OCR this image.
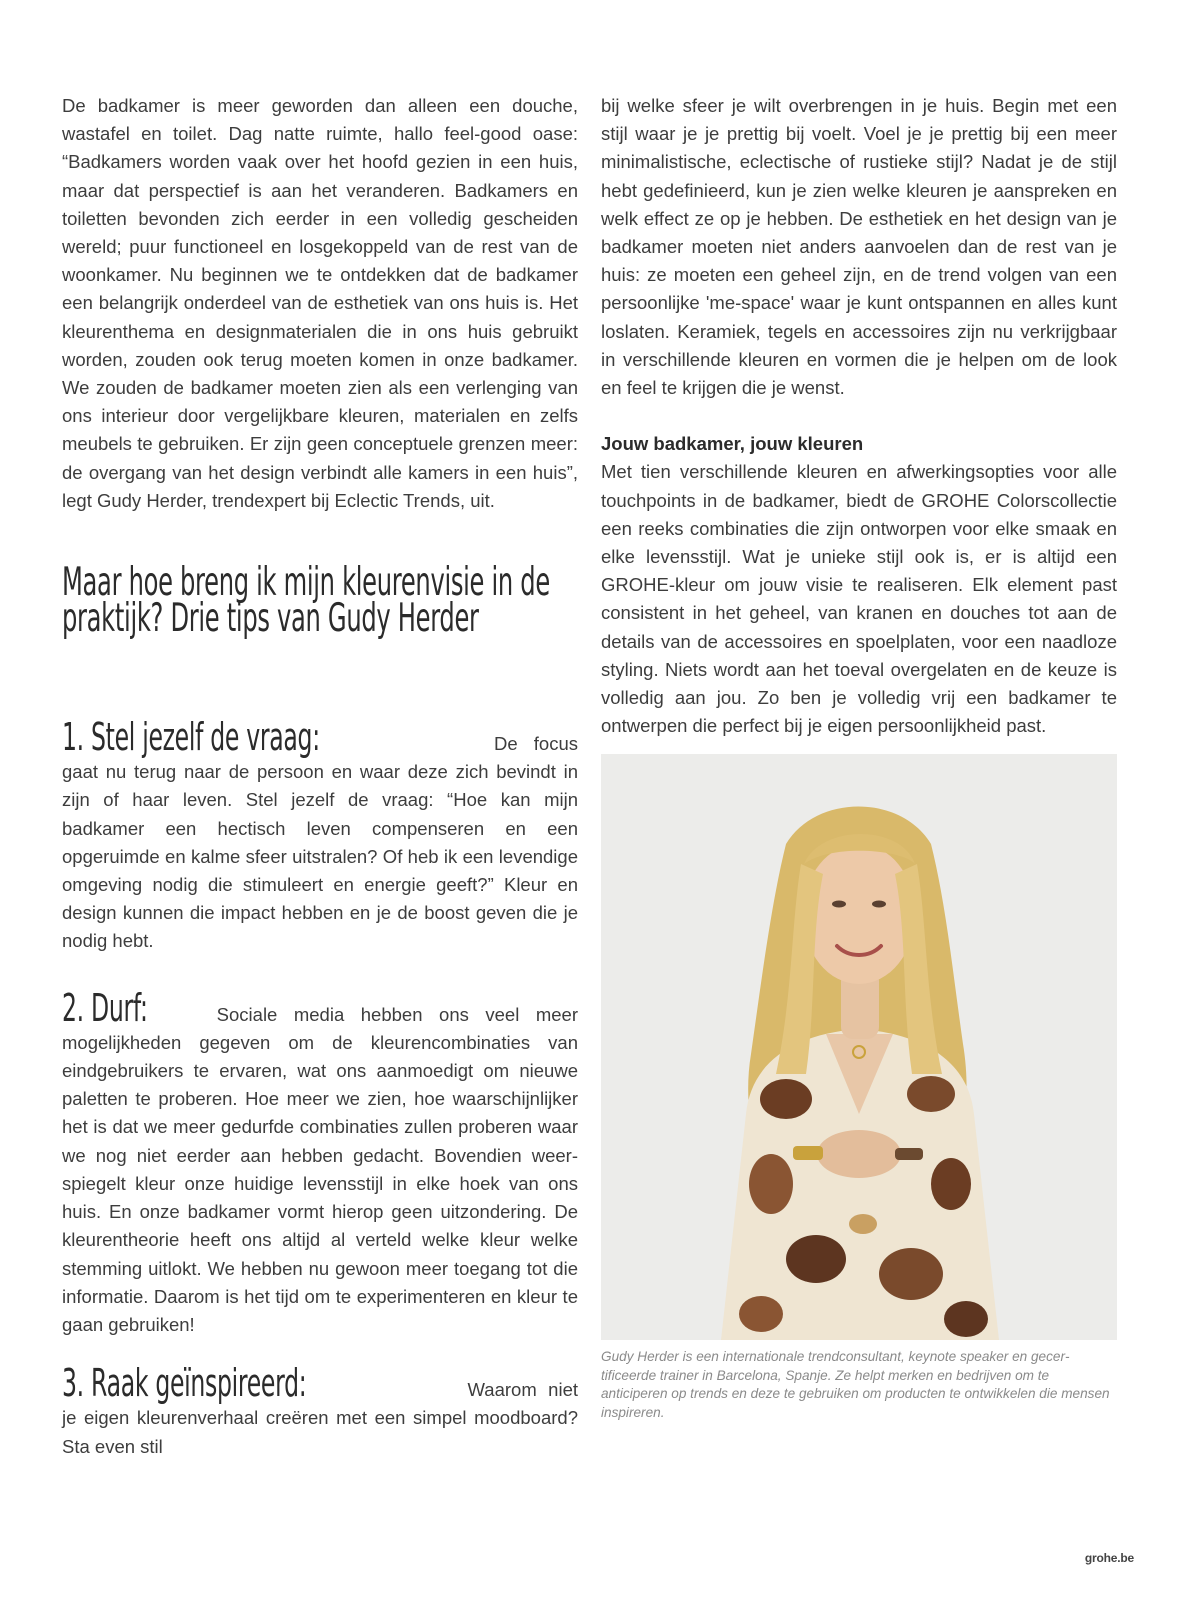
De badkamer is meer geworden dan alleen een douche, wastafel en toilet. Dag natte ruimte, hallo feel-good oase: “Badkamers worden vaak over het hoofd gezien in een huis, maar dat perspectief is aan het veranderen. Badkamers en toiletten bevonden zich eerder in een volledig gescheiden wereld; puur functioneel en losgekoppeld van de rest van de woonkamer. Nu beginnen we te ontdekken dat de badkamer een belangrijk onderdeel van de esthetiek van ons huis is. Het kleurenthema en designmaterialen die in ons huis gebruikt worden, zouden ook terug moeten komen in onze badkamer. We zouden de badkamer moeten zien als een verlenging van ons interieur door vergelijkbare kleuren, materialen en zelfs meubels te gebruiken. Er zijn geen conceptuele grenzen meer: de overgang van het design verbindt alle kamers in een huis”, legt Gudy Herder, trendexpert bij Eclectic Trends, uit.

Maar hoe breng ik mijn kleurenvisie in de praktijk? Drie tips van Gudy Herder

1. Stel jezelf de vraag:	De focus gaat nu terug naar de persoon en waar deze zich bevindt in zijn of haar leven. Stel jezelf de vraag: “Hoe kan mijn badkamer een hectisch leven compenseren en een opgeruimde en kalme sfeer uitstralen? Of heb ik een levendige omgeving nodig die stimuleert en energie geeft?” Kleur en design kunnen die impact hebben en je de boost geven die je nodig hebt.

2. Durf:	Sociale media hebben ons veel meer mogelijkheden gegeven om de kleurencombinaties van eindgebruikers te ervaren, wat ons aanmoedigt om nieuwe paletten te proberen. Hoe meer we zien, hoe waarschijnlijker het is dat we meer gedurfde combinaties zullen proberen waar we nog niet eerder aan hebben gedacht. Bovendien weerspiegelt kleur onze huidige levensstijl in elke hoek van ons huis. En onze badkamer vormt hierop geen uitzondering. De kleurentheorie heeft ons altijd al verteld welke kleur welke stemming uitlokt. We hebben nu gewoon meer toegang tot die informatie. Daarom is het tijd om te experimenteren en kleur te gaan gebruiken!

3. Raak geïnspireerd:	Waarom niet je eigen kleurenverhaal creëren met een simpel moodboard? Sta even stil

bij welke sfeer je wilt overbrengen in je huis. Begin met een stijl waar je je prettig bij voelt. Voel je je prettig bij een meer minimalistische, eclectische of rustieke stijl? Nadat je de stijl hebt gedefinieerd, kun je zien welke kleuren je aanspreken en welk effect ze op je hebben. De esthetiek en het design van je badkamer moeten niet anders aanvoelen dan de rest van je huis: ze moeten een geheel zijn, en de trend volgen van een persoonlijke 'me-space' waar je kunt ontspannen en alles kunt loslaten. Keramiek, tegels en accessoires zijn nu verkrijgbaar in verschillende kleuren en vormen die je helpen om de look en feel te krijgen die je wenst.

Jouw badkamer, jouw kleuren

Met tien verschillende kleuren en afwerkingsopties voor alle touchpoints in de badkamer, biedt de GROHE Colorscollectie een reeks combinaties die zijn ontworpen voor elke smaak en elke levensstijl. Wat je unieke stijl ook is, er is altijd een GROHE-kleur om jouw visie te realiseren. Elk element past consistent in het geheel, van kranen en douches tot aan de details van de accessoires en spoelplaten, voor een naadloze styling. Niets wordt aan het toeval overgelaten en de keuze is volledig aan jou. Zo ben je volledig vrij een badkamer te ontwerpen die perfect bij je eigen persoonlijkheid past.

Gudy Herder is een internationale trendconsultant, keynote speaker en gecertificeerde trainer in Barcelona, Spanje. Ze helpt merken en bedrijven om te anticiperen op trends en deze te gebruiken om producten te ontwikkelen die mensen inspireren.

grohe.be
